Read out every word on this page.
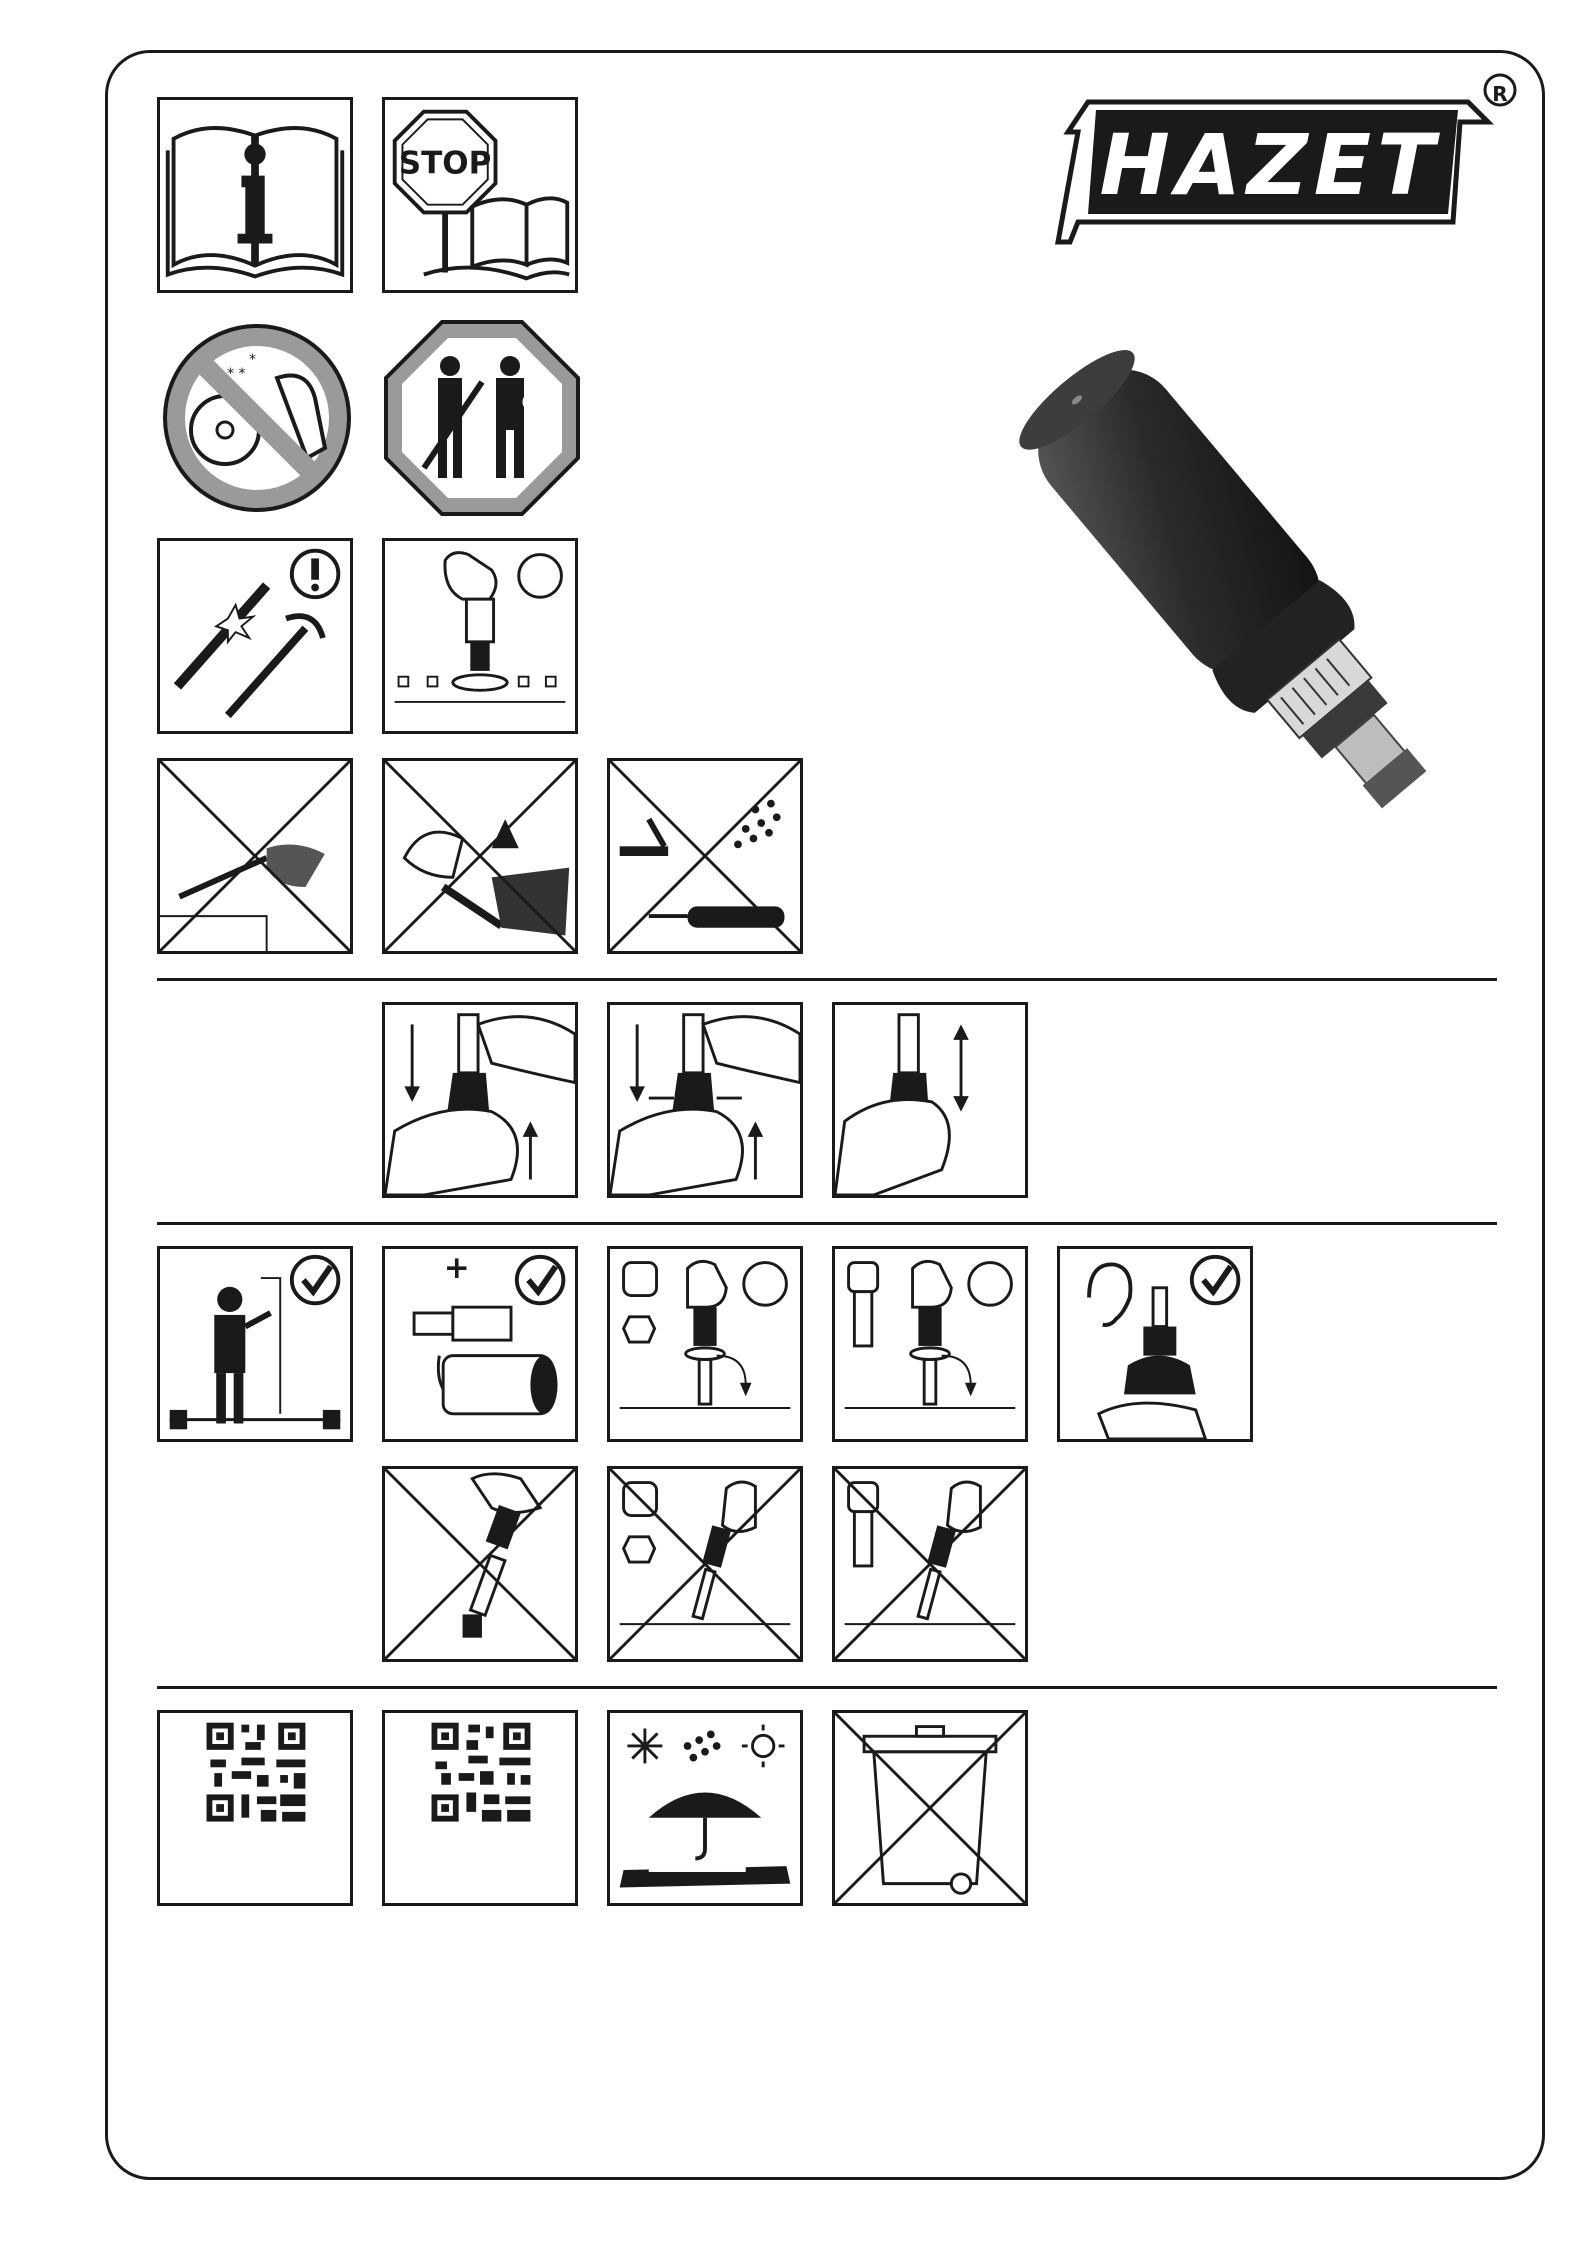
HAZET
R
STOP
* *
*
+
